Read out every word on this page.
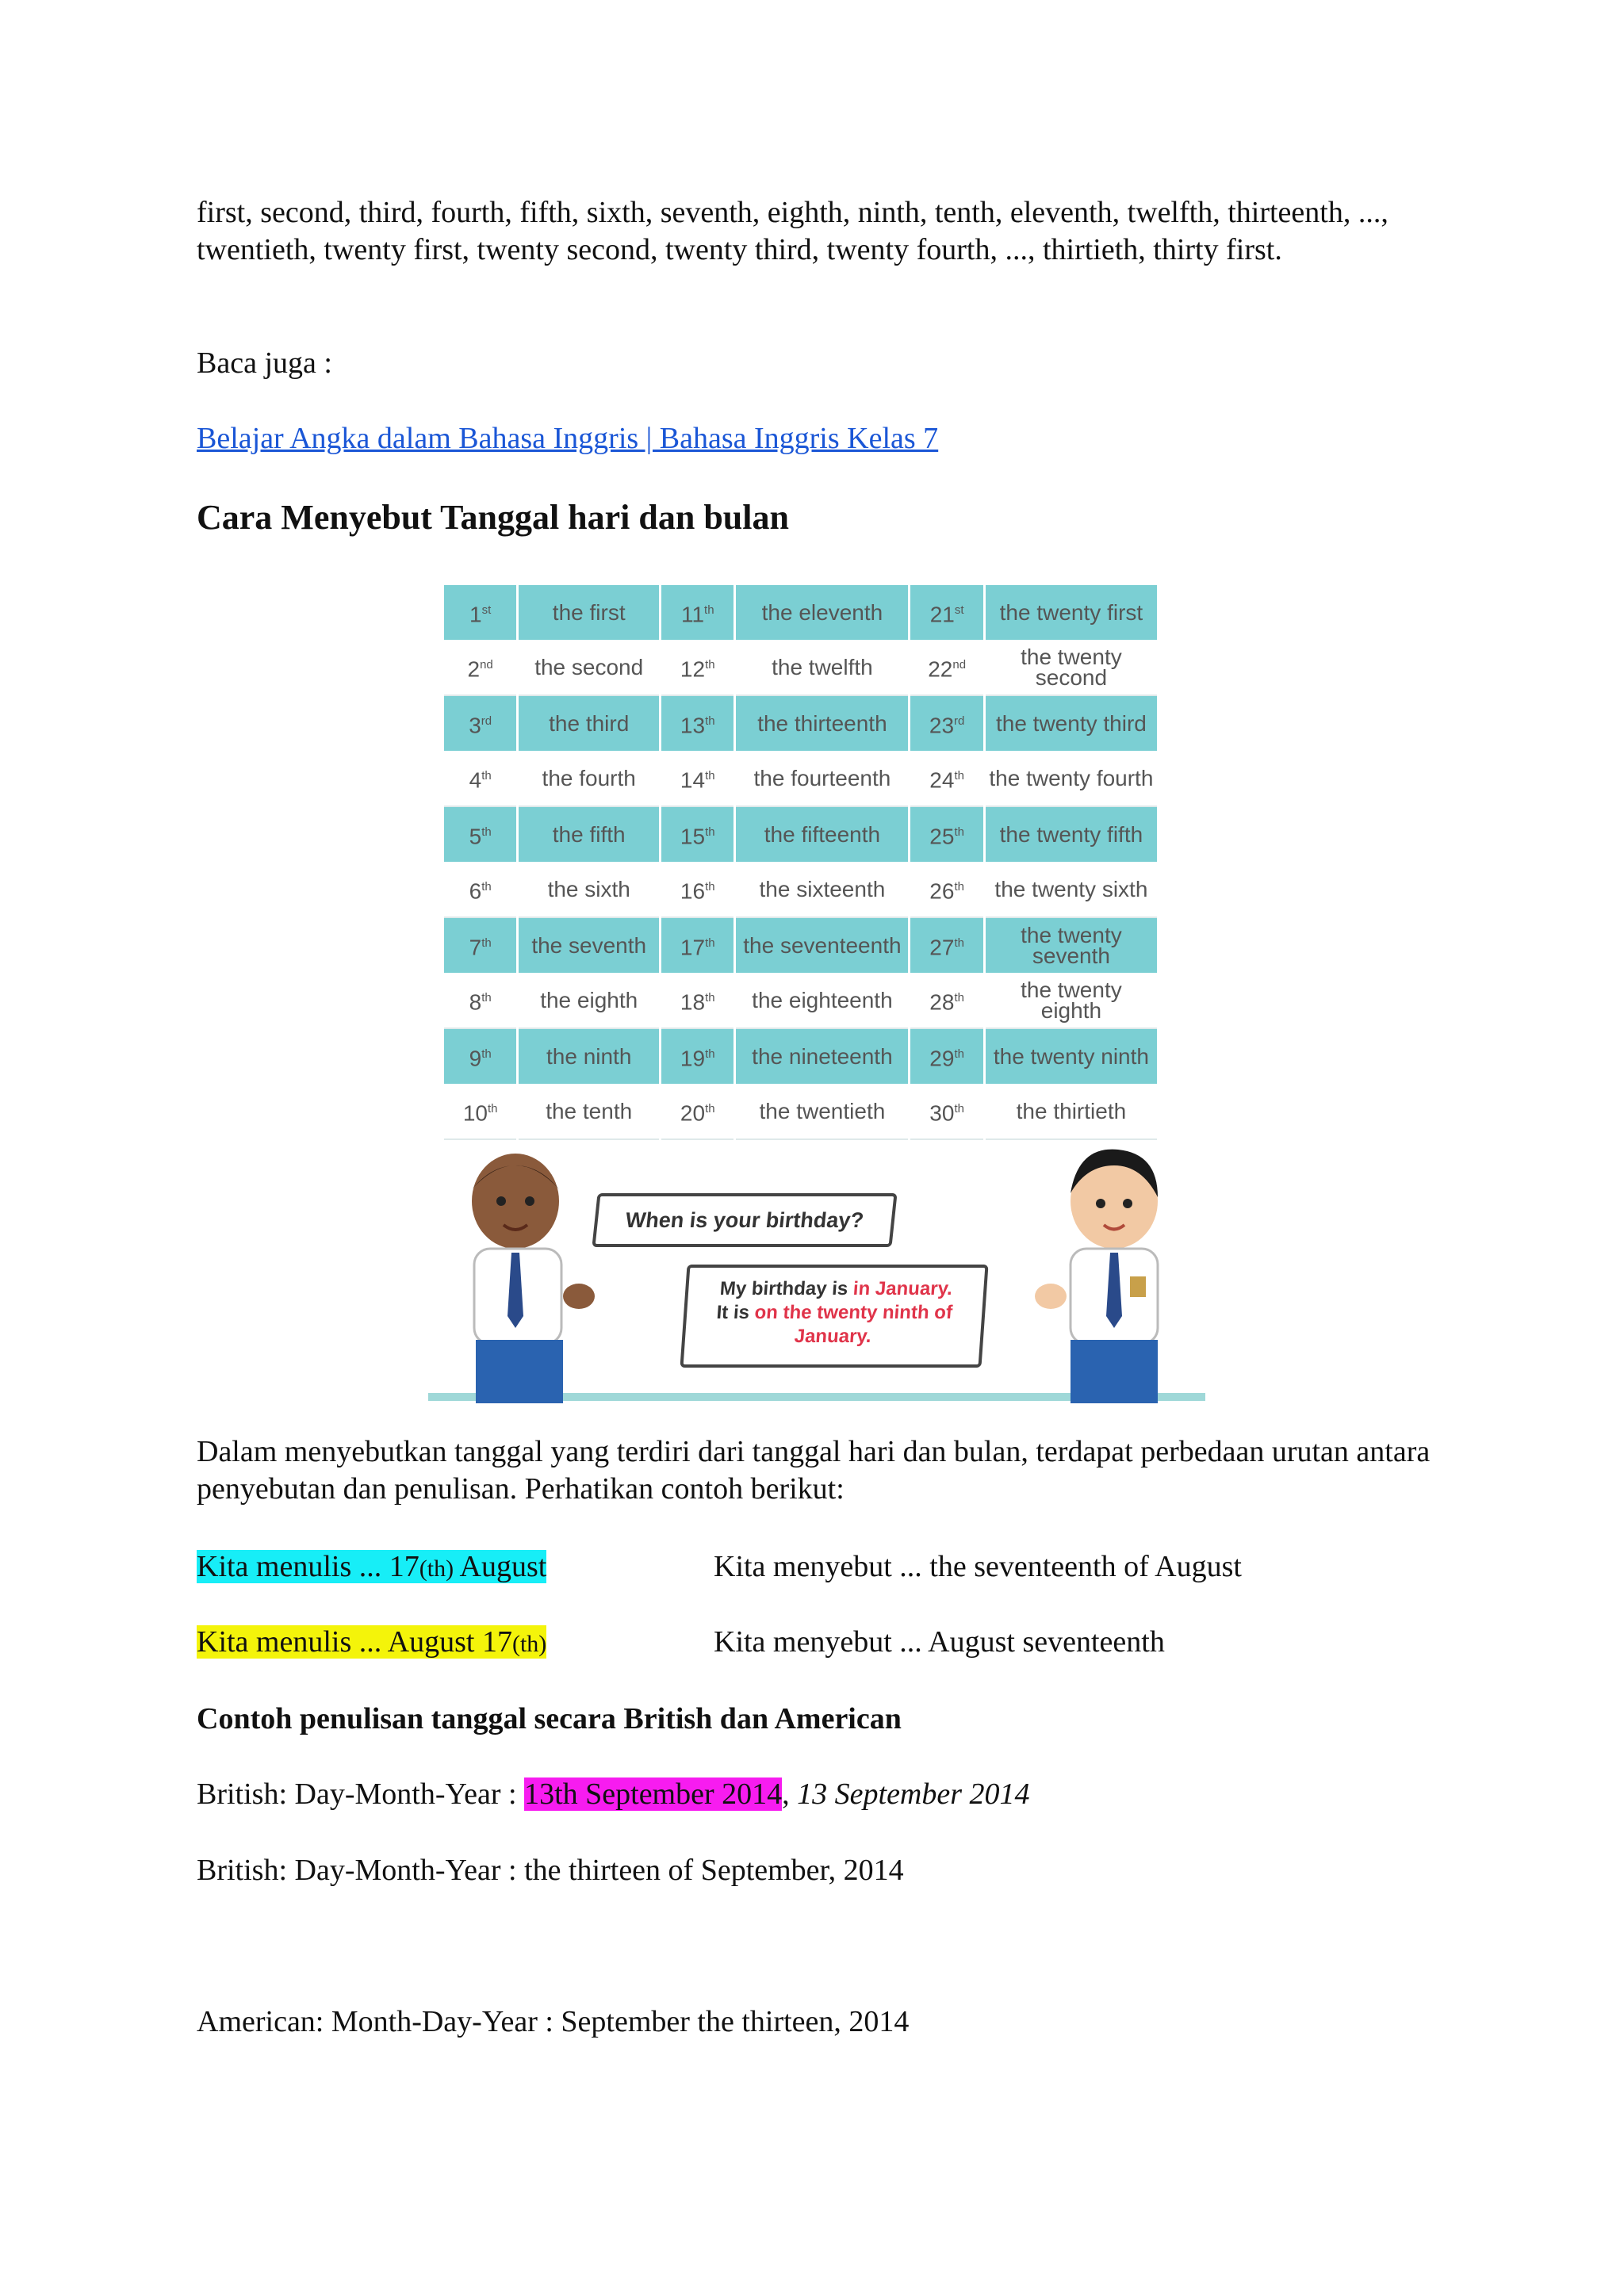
first, second, third, fourth, fifth, sixth, seventh, eighth, ninth, tenth, eleventh, twelfth, thirteenth, ..., twentieth, twenty first, twenty second, twenty third, twenty fourth, ..., thirtieth, thirty first.

Baca juga :

Belajar Angka dalam Bahasa Inggris | Bahasa Inggris Kelas 7

Cara Menyebut Tanggal hari dan bulan
1st	the first	11th	the eleventh	21st	the twenty first
2nd	the second	12th	the twelfth	22nd	the twenty second
3rd	the third	13th	the thirteenth	23rd	the twenty third
4th	the fourth	14th	the fourteenth	24th	the twenty fourth
5th	the fifth	15th	the fifteenth	25th	the twenty fifth
6th	the sixth	16th	the sixteenth	26th	the twenty sixth
7th	the seventh	17th	the seventeenth	27th	the twenty seventh
8th	the eighth	18th	the eighteenth	28th	the twenty eighth
9th	the ninth	19th	the nineteenth	29th	the twenty ninth
10th	the tenth	20th	the twentieth	30th	the thirtieth
When is your birthday?
My birthday is in January.
It is on the twenty ninth of January.

Dalam menyebutkan tanggal yang terdiri dari tanggal hari dan bulan, terdapat perbedaan urutan antara penyebutan dan penulisan. Perhatikan contoh berikut:

Kita menulis ... 17(th) August	Kita menyebut ... the seventeenth of August

Kita menulis ... August 17(th)	Kita menyebut ... August seventeenth

Contoh penulisan tanggal secara British dan American

British: Day-Month-Year : 13th September 2014, 13 September 2014

British: Day-Month-Year : the thirteen of September, 2014

American: Month-Day-Year : September the thirteen, 2014
